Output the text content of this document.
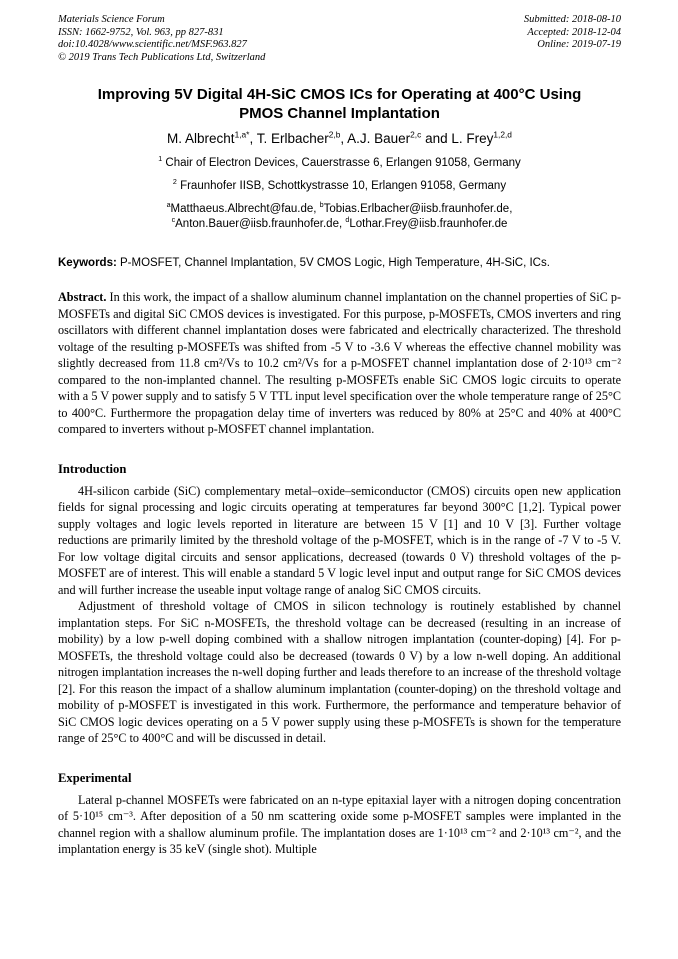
Materials Science Forum
ISSN: 1662-9752, Vol. 963, pp 827-831
doi:10.4028/www.scientific.net/MSF.963.827
© 2019 Trans Tech Publications Ltd, Switzerland
Submitted: 2018-08-10
Accepted: 2018-12-04
Online: 2019-07-19
Improving 5V Digital 4H-SiC CMOS ICs for Operating at 400°C Using
PMOS Channel Implantation
M. Albrecht$^{1,a*}$, T. Erlbacher$^{2,b}$, A.J. Bauer$^{2,c}$ and L. Frey$^{1,2,d}$
$^1$ Chair of Electron Devices, Cauerstrasse 6, Erlangen 91058, Germany
$^2$ Fraunhofer IISB, Schottkystrasse 10, Erlangen 91058, Germany
$^a$Matthaeus.Albrecht@fau.de, $^b$Tobias.Erlbacher@iisb.fraunhofer.de,
$^c$Anton.Bauer@iisb.fraunhofer.de, $^d$Lothar.Frey@iisb.fraunhofer.de
Keywords: P-MOSFET, Channel Implantation, 5V CMOS Logic, High Temperature, 4H-SiC, ICs.
Abstract. In this work, the impact of a shallow aluminum channel implantation on the channel properties of SiC p-MOSFETs and digital SiC CMOS devices is investigated. For this purpose, p-MOSFETs, CMOS inverters and ring oscillators with different channel implantation doses were fabricated and electrically characterized. The threshold voltage of the resulting p-MOSFETs was shifted from -5 V to -3.6 V whereas the effective channel mobility was slightly decreased from 11.8 cm²/Vs to 10.2 cm²/Vs for a p-MOSFET channel implantation dose of 2·10¹³ cm⁻² compared to the non-implanted channel. The resulting p-MOSFETs enable SiC CMOS logic circuits to operate with a 5 V power supply and to satisfy 5 V TTL input level specification over the whole temperature range of 25°C to 400°C. Furthermore the propagation delay time of inverters was reduced by 80% at 25°C and 40% at 400°C compared to inverters without p-MOSFET channel implantation.
Introduction

4H-silicon carbide (SiC) complementary metal–oxide–semiconductor (CMOS) circuits open new application fields for signal processing and logic circuits operating at temperatures far beyond 300°C [1,2]. Typical power supply voltages and logic levels reported in literature are between 15 V [1] and 10 V [3]. Further voltage reductions are primarily limited by the threshold voltage of the p-MOSFET, which is in the range of -7 V to -5 V. For low voltage digital circuits and sensor applications, decreased (towards 0 V) threshold voltages of the p-MOSFET are of interest. This will enable a standard 5 V logic level input and output range for SiC CMOS devices and will further increase the useable input voltage range of analog SiC CMOS circuits.

Adjustment of threshold voltage of CMOS in silicon technology is routinely established by channel implantation steps. For SiC n-MOSFETs, the threshold voltage can be decreased (resulting in an increase of mobility) by a low p-well doping combined with a shallow nitrogen implantation (counter-doping) [4]. For p-MOSFETs, the threshold voltage could also be decreased (towards 0 V) by a low n-well doping. An additional nitrogen implantation increases the n-well doping further and leads therefore to an increase of the threshold voltage [2]. For this reason the impact of a shallow aluminum implantation (counter-doping) on the threshold voltage and mobility of p-MOSFET is investigated in this work. Furthermore, the performance and temperature behavior of SiC CMOS logic devices operating on a 5 V power supply using these p-MOSFETs is shown for the temperature range of 25°C to 400°C and will be discussed in detail.

Experimental

Lateral p-channel MOSFETs were fabricated on an n-type epitaxial layer with a nitrogen doping concentration of 5·10¹⁵ cm⁻³. After deposition of a 50 nm scattering oxide some p-MOSFET samples were implanted in the channel region with a shallow aluminum profile. The implantation doses are 1·10¹³ cm⁻² and 2·10¹³ cm⁻², and the implantation energy is 35 keV (single shot). Multiple
